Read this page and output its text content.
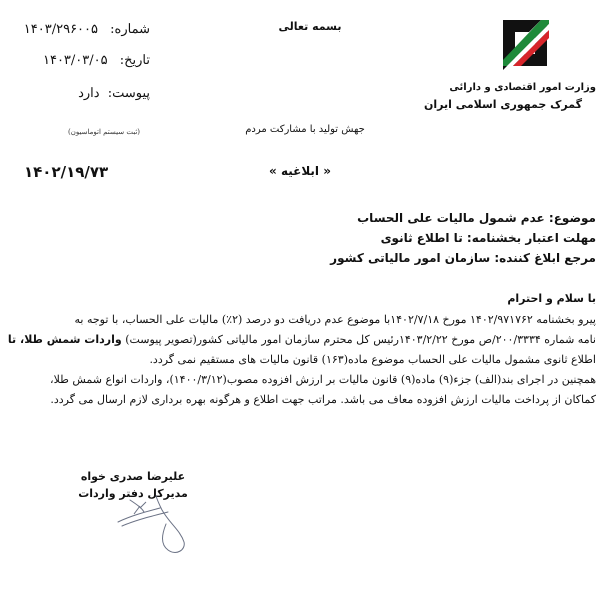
بسمه تعالی
شماره: ۱۴۰۳/۲۹۶۰۰۵
تاریخ: ۱۴۰۳/۰۳/۰۵
پیوست: دارد
(ثبت سیستم اتوماسیون)
وزارت امور اقتصادی و دارائی
گمرک جمهوری اسلامی ایران
جهش تولید با مشارکت مردم
« ابلاغیه »
۱۴۰۲/۱۹/۷۳
موضوع: عدم شمول مالیات علی الحساب
مهلت اعتبار بخشنامه: تا اطلاع ثانوی
مرجع ابلاغ کننده: سازمان امور مالیاتی کشور
با سلام و احترام
پیرو بخشنامه ۱۴۰۲/۹۷۱۷۶۲ مورخ ۱۴۰۲/۷/۱۸با موضوع عدم دریافت دو درصد (۲٪) مالیات علی الحساب، با توجه به
نامه شماره ۲۰۰/۳۳۳۴/ص مورخ ۱۴۰۳/۲/۲۲رئیس کل محترم سازمان امور مالیاتی کشور(تصویر پیوست) واردات شمش طلا، تا
اطلاع ثانوی مشمول مالیات علی الحساب موضوع ماده(۱۶۳) قانون مالیات های مستقیم نمی گردد.
همچنین در اجرای بند(الف) جزء(۹) ماده(۹) قانون مالیات بر ارزش افزوده مصوب(۱۴۰۰/۳/۱۲)، واردات انواع شمش طلا،
کماکان از پرداخت مالیات ارزش افزوده معاف می باشد. مراتب جهت اطلاع و هرگونه بهره برداری لازم ارسال می گردد.
علیرضا صدری خواه
مدیرکل دفتر واردات
